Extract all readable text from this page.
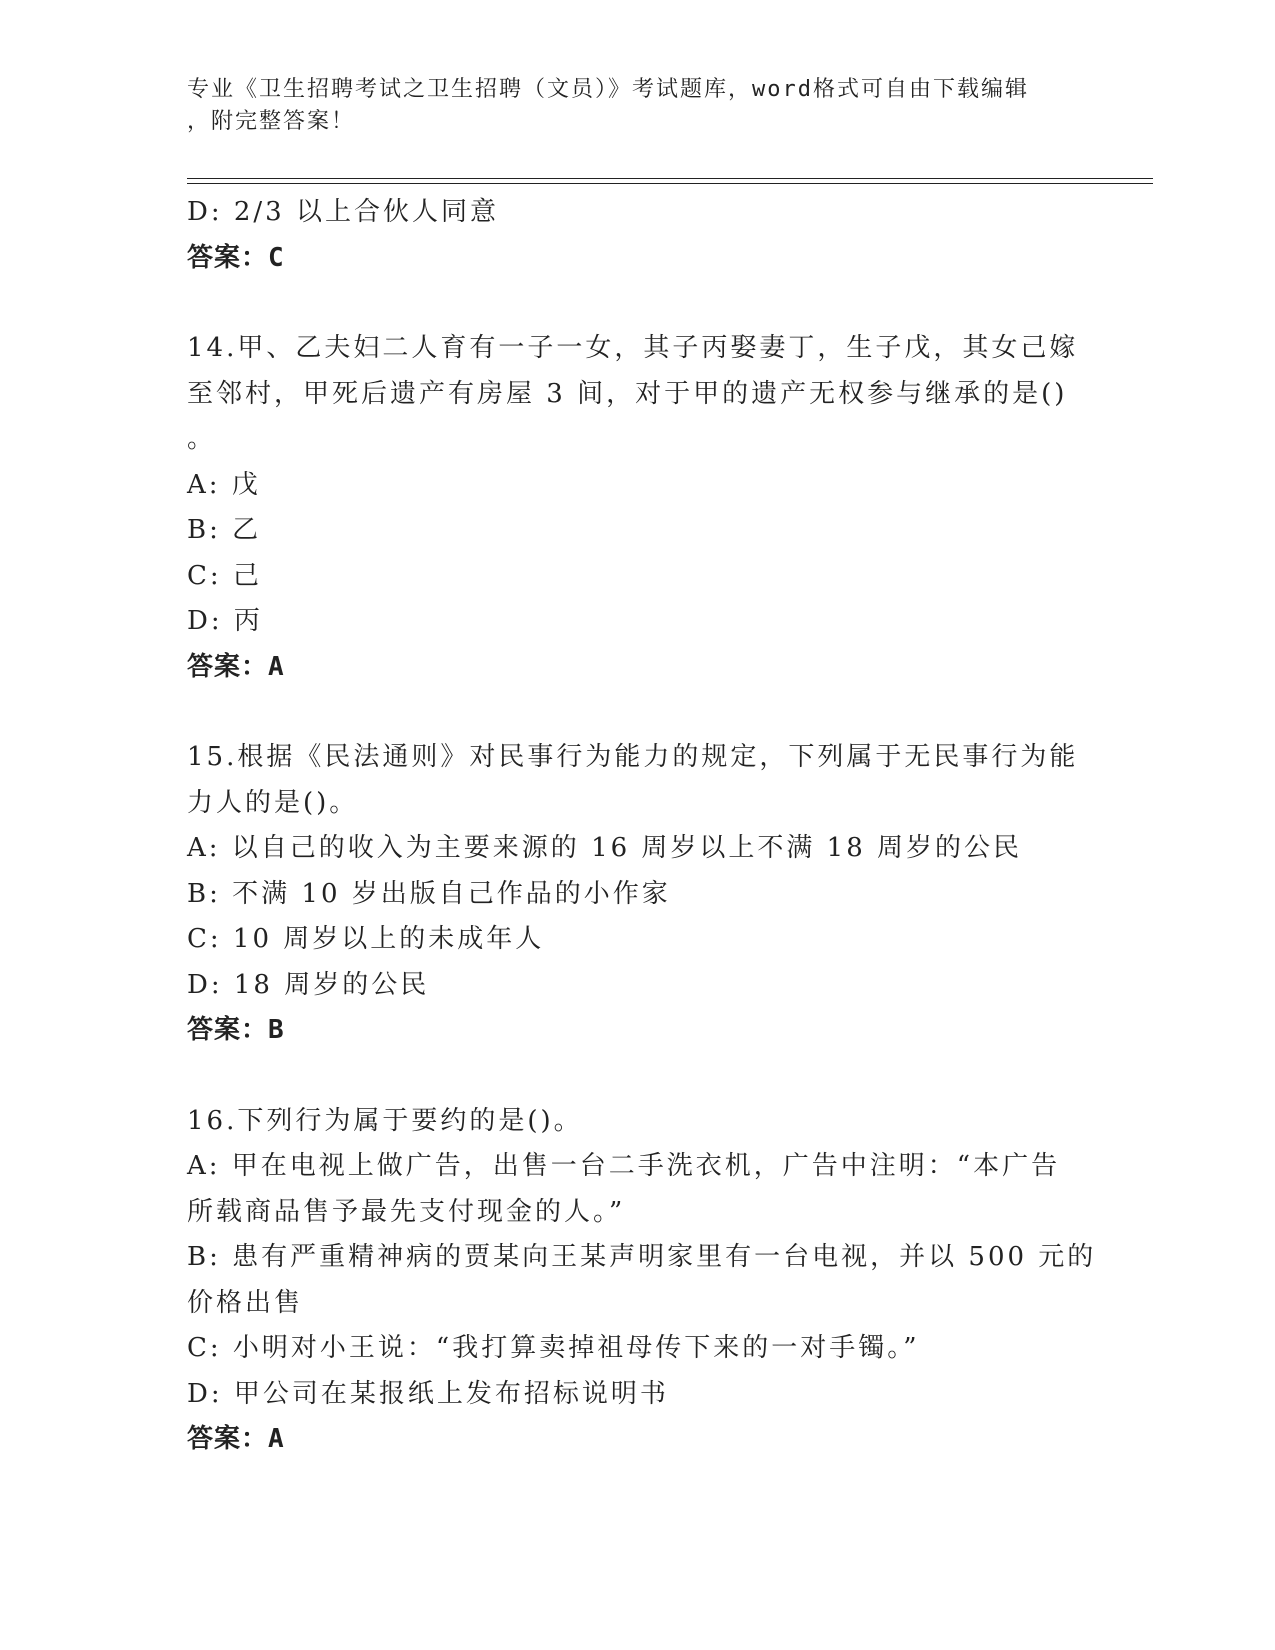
专业《卫生招聘考试之卫生招聘（文员）》考试题库，word格式可自由下载编辑
，附完整答案！
D: 2/3 以上合伙人同意
答案：C
14.甲、乙夫妇二人育有一子一女，其子丙娶妻丁，生子戊，其女己嫁
至邻村，甲死后遗产有房屋 3 间，对于甲的遗产无权参与继承的是()
。
A: 戊
B: 乙
C: 己
D: 丙
答案：A
15.根据《民法通则》对民事行为能力的规定，下列属于无民事行为能
力人的是()。
A: 以自己的收入为主要来源的 16 周岁以上不满 18 周岁的公民
B: 不满 10 岁出版自己作品的小作家
C: 10 周岁以上的未成年人
D: 18 周岁的公民
答案：B
16.下列行为属于要约的是()。
A: 甲在电视上做广告，出售一台二手洗衣机，广告中注明：“本广告
所载商品售予最先支付现金的人。”
B: 患有严重精神病的贾某向王某声明家里有一台电视，并以 500 元的
价格出售
C: 小明对小王说：“我打算卖掉祖母传下来的一对手镯。”
D: 甲公司在某报纸上发布招标说明书
答案：A
